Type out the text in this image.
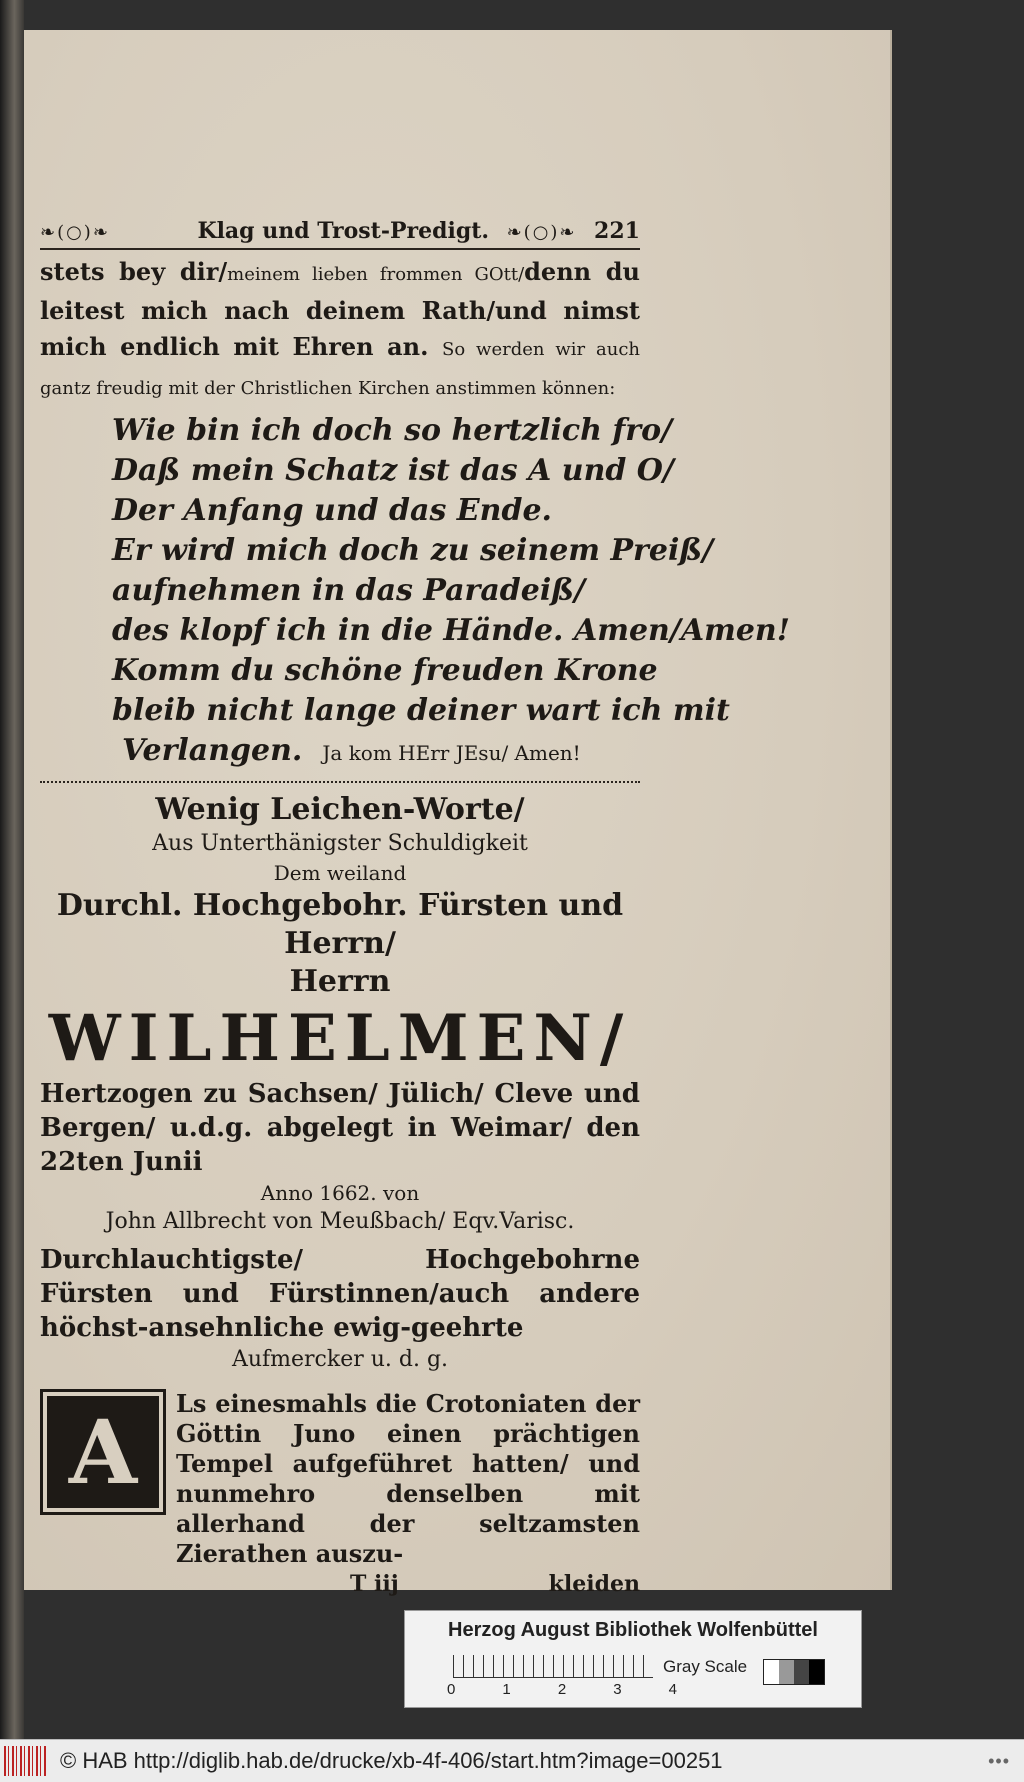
❧(○)❧	Klag und Trost-Predigt. ❧(○)❧ 221

stets bey dir/meinem lieben frommen GOtt/denn du leitest mich nach deinem Rath/und nimst mich endlich mit Ehren an. So werden wir auch gantz freudig mit der Christlichen Kirchen anstimmen können:

Wie bin ich doch so hertzlich fro/
Daß mein Schatz ist das A und O/
Der Anfang und das Ende.
Er wird mich doch zu seinem Preiß/
aufnehmen in das Paradeiß/
des klopf ich in die Hände. Amen/Amen!
Komm du schöne freuden Krone
bleib nicht lange deiner wart ich mit
Verlangen. Ja kom HErr JEsu/ Amen!
Wenig Leichen-Worte/
Aus Unterthänigster Schuldigkeit
Dem weiland
Durchl. Hochgebohr. Fürsten und Herrn/
Herrn
WILHELMEN/
Hertzogen zu Sachsen/ Jülich/ Cleve und Bergen/ u.d.g. abgelegt in Weimar/ den 22ten Junii
Anno 1662. von
John Allbrecht von Meußbach/ Eqv.Varisc.
Durchlauchtigste/ Hochgebohrne Fürsten und Fürstinnen/auch andere höchst-ansehnliche ewig-geehrte
Aufmercker u. d. g.
A	Ls einesmahls die Crotoniaten der Göttin Juno einen prächtigen Tempel aufgeführet hatten/ und nunmehro denselben mit allerhand der seltzamsten Zierathen auszu-
T iij	kleiden
Herzog August Bibliothek Wolfenbüttel
0	1	2	3	4
Gray Scale
© HAB http://diglib.hab.de/drucke/xb-4f-406/start.htm?image=00251	•••
